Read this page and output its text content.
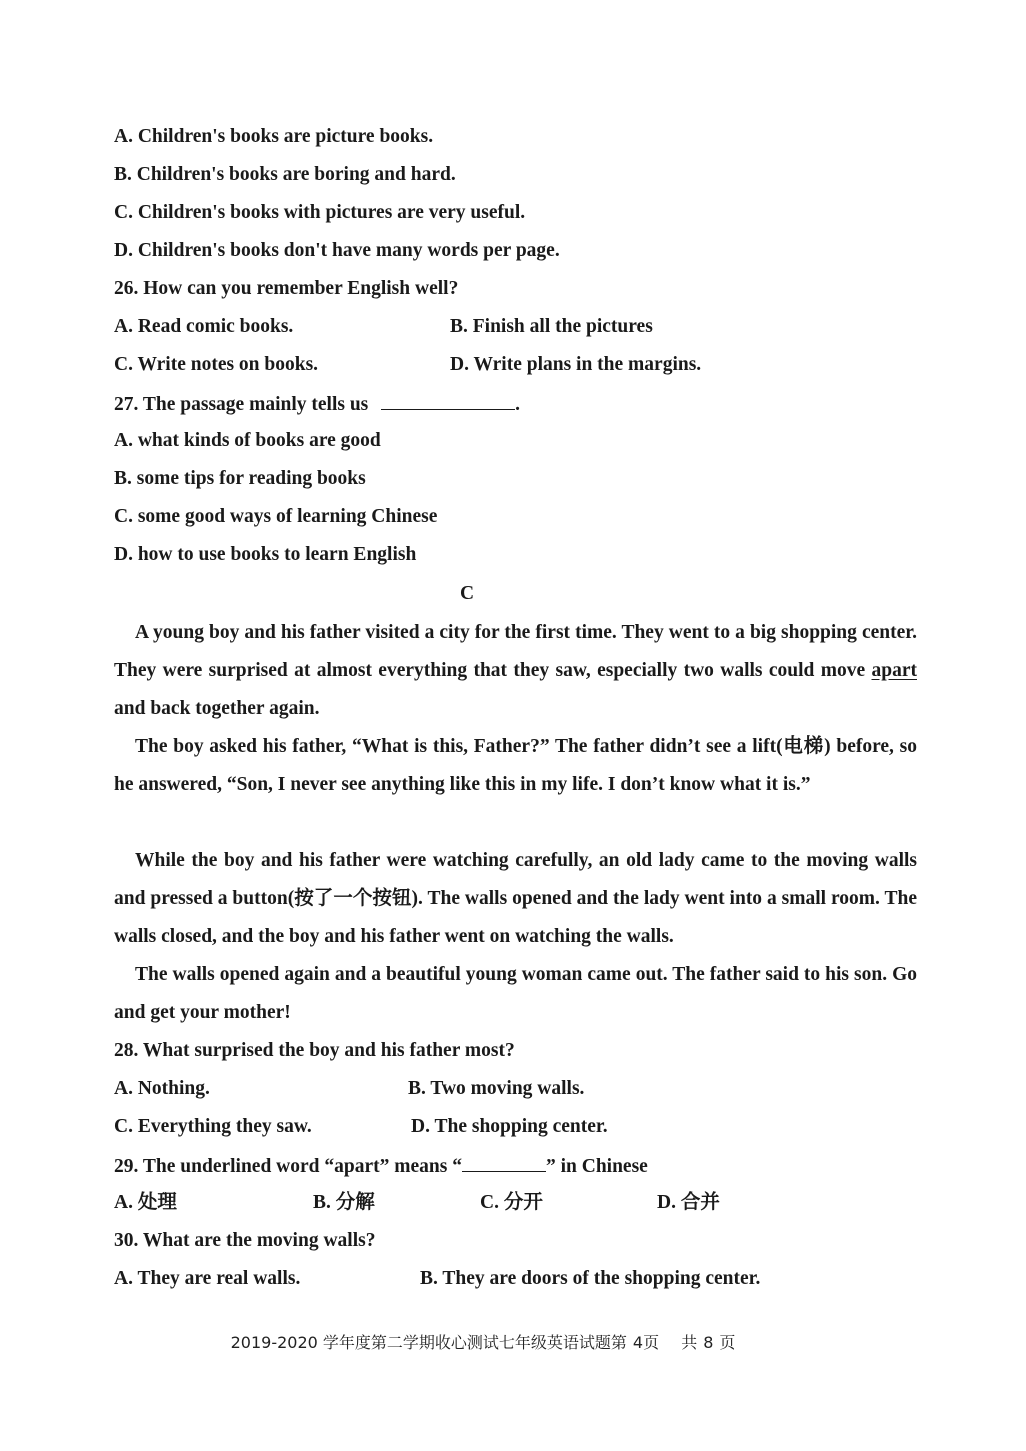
A. Children's books are picture books.
B. Children's books are boring and hard.
C. Children's books with pictures are very useful.
D. Children's books don't have many words per page.
26. How can you remember English well?
A. Read comic books.	B. Finish all the pictures
C. Write notes on books.	D. Write plans in the margins.
27. The passage mainly tells us	.
A. what kinds of books are good
B. some tips for reading books
C. some good ways of learning Chinese
D. how to use books to learn English
C
A young boy and his father visited a city for the first time. They went to a big shopping center. They were surprised at almost everything that they saw, especially two walls could move apart and back together again.
The boy asked his father, “What is this, Father?” The father didn’t see a lift(电梯) before, so he answered, “Son, I never see anything like this in my life. I don’t know what it is.”
While the boy and his father were watching carefully, an old lady came to the moving walls and pressed a button(按了一个按钮). The walls opened and the lady went into a small room. The walls closed, and the boy and his father went on watching the walls.
The walls opened again and a beautiful young woman came out. The father said to his son. Go and get your mother!
28. What surprised the boy and his father most?
A. Nothing.	B. Two moving walls.
C. Everything they saw.	D. The shopping center.
29. The underlined word “apart” means “	” in Chinese
A. 处理	B. 分解	C. 分开	D. 合并
30. What are the moving walls?
A. They are real walls.	B. They are doors of the shopping center.
2019-2020 学年度第二学期收心测试七年级英语试题第 4页 共 8 页
